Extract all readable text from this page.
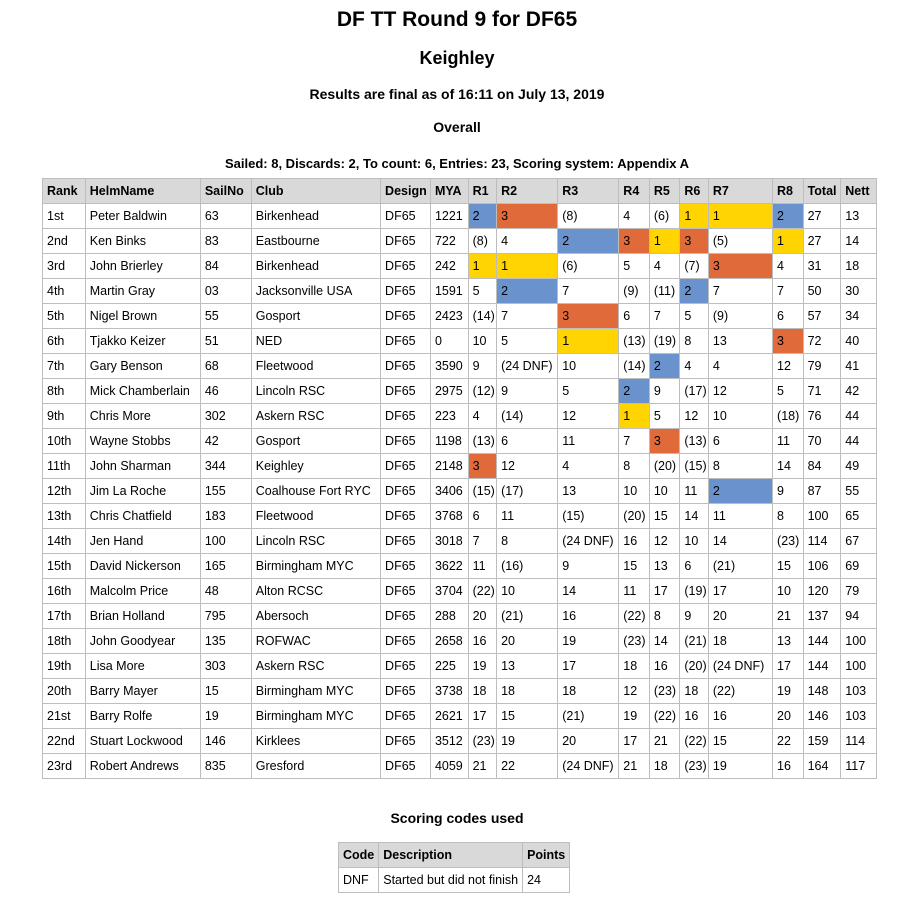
DF TT Round 9 for DF65
Keighley
Results are final as of 16:11 on July 13, 2019
Overall
Sailed: 8, Discards: 2, To count: 6, Entries: 23, Scoring system: Appendix A
Rank	HelmName	SailNo	Club	Design	MYA	R1	R2	R3	R4	R5	R6	R7	R8	Total	Nett
1st	Peter Baldwin	63	Birkenhead	DF65	1221	2	3	(8)	4	(6)	1	1	2	27	13
2nd	Ken Binks	83	Eastbourne	DF65	722	(8)	4	2	3	1	3	(5)	1	27	14
3rd	John Brierley	84	Birkenhead	DF65	242	1	1	(6)	5	4	(7)	3	4	31	18
4th	Martin Gray	03	Jacksonville USA	DF65	1591	5	2	7	(9)	(11)	2	7	7	50	30
5th	Nigel Brown	55	Gosport	DF65	2423	(14)	7	3	6	7	5	(9)	6	57	34
6th	Tjakko Keizer	51	NED	DF65	0	10	5	1	(13)	(19)	8	13	3	72	40
7th	Gary Benson	68	Fleetwood	DF65	3590	9	(24 DNF)	10	(14)	2	4	4	12	79	41
8th	Mick Chamberlain	46	Lincoln RSC	DF65	2975	(12)	9	5	2	9	(17)	12	5	71	42
9th	Chris More	302	Askern RSC	DF65	223	4	(14)	12	1	5	12	10	(18)	76	44
10th	Wayne Stobbs	42	Gosport	DF65	1198	(13)	6	11	7	3	(13)	6	11	70	44
11th	John Sharman	344	Keighley	DF65	2148	3	12	4	8	(20)	(15)	8	14	84	49
12th	Jim La Roche	155	Coalhouse Fort RYC	DF65	3406	(15)	(17)	13	10	10	11	2	9	87	55
13th	Chris Chatfield	183	Fleetwood	DF65	3768	6	11	(15)	(20)	15	14	11	8	100	65
14th	Jen Hand	100	Lincoln RSC	DF65	3018	7	8	(24 DNF)	16	12	10	14	(23)	114	67
15th	David Nickerson	165	Birmingham MYC	DF65	3622	11	(16)	9	15	13	6	(21)	15	106	69
16th	Malcolm Price	48	Alton RCSC	DF65	3704	(22)	10	14	11	17	(19)	17	10	120	79
17th	Brian Holland	795	Abersoch	DF65	288	20	(21)	16	(22)	8	9	20	21	137	94
18th	John Goodyear	135	ROFWAC	DF65	2658	16	20	19	(23)	14	(21)	18	13	144	100
19th	Lisa More	303	Askern RSC	DF65	225	19	13	17	18	16	(20)	(24 DNF)	17	144	100
20th	Barry Mayer	15	Birmingham MYC	DF65	3738	18	18	18	12	(23)	18	(22)	19	148	103
21st	Barry Rolfe	19	Birmingham MYC	DF65	2621	17	15	(21)	19	(22)	16	16	20	146	103
22nd	Stuart Lockwood	146	Kirklees	DF65	3512	(23)	19	20	17	21	(22)	15	22	159	114
23rd	Robert Andrews	835	Gresford	DF65	4059	21	22	(24 DNF)	21	18	(23)	19	16	164	117
Scoring codes used
Code	Description	Points
DNF	Started but did not finish	24
